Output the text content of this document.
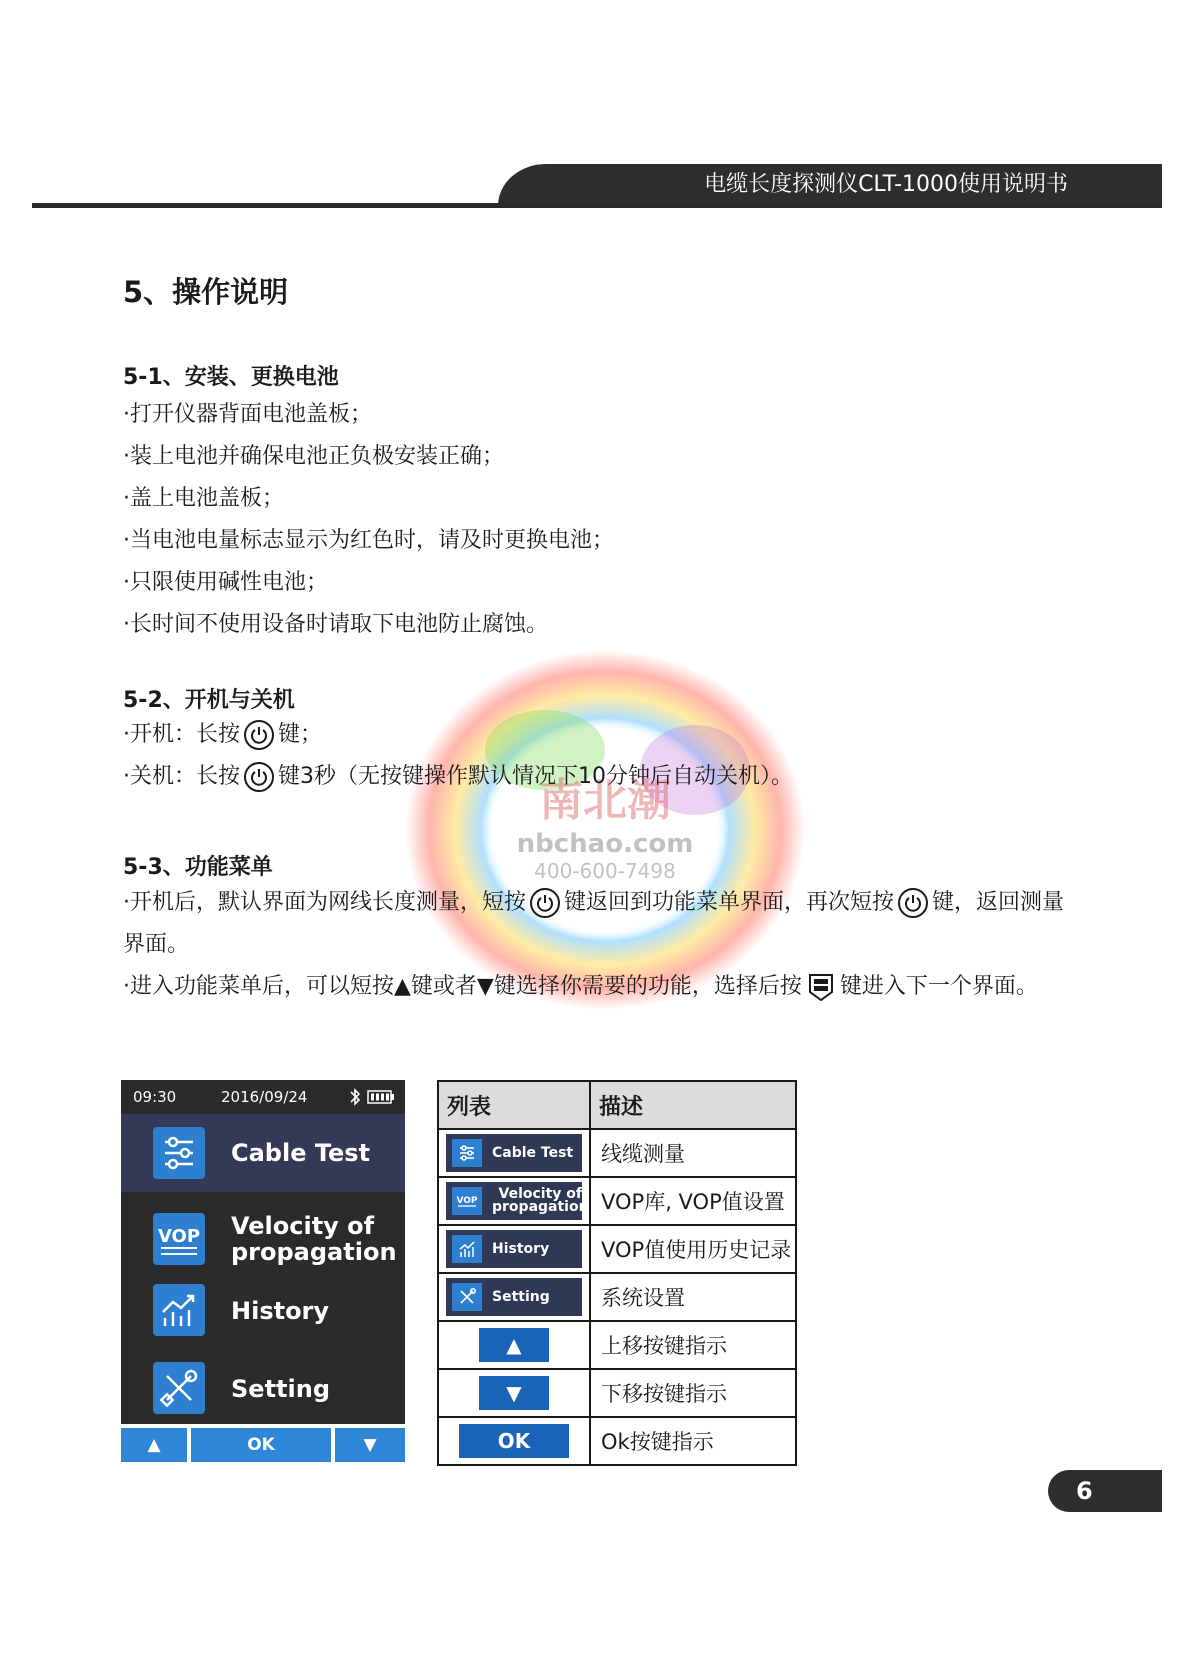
电缆长度探测仪CLT-1000使用说明书
5、操作说明
5-1、安装、更换电池
·打开仪器背面电池盖板；
·装上电池并确保电池正负极安装正确；
·盖上电池盖板；
·当电池电量标志显示为红色时，请及时更换电池；
·只限使用碱性电池；
·长时间不使用设备时请取下电池防止腐蚀。
南北潮
nbchao.com
400-600-7498
5-2、开机与关机
·开机：长按 键；
·关机：长按 键3秒（无按键操作默认情况下10分钟后自动关机）。
5-3、功能菜单
·开机后，默认界面为网线长度测量，短按 键返回到功能菜单界面，再次短按 键，返回测量界面。
·进入功能菜单后，可以短按▲键或者▼键选择你需要的功能，选择后按 键进入下一个界面。
09:30	2016/09/24
Cable Test
VOP Velocity of propagation
History
Setting
▲	OK	▼
列表	描述

Cable Test	线缆测量

VOP Velocity of propagation	VOP库, VOP值设置

History	VOP值使用历史记录

Setting	系统设置
▲	上移按键指示
▼	下移按键指示
OK	Ok按键指示
6
